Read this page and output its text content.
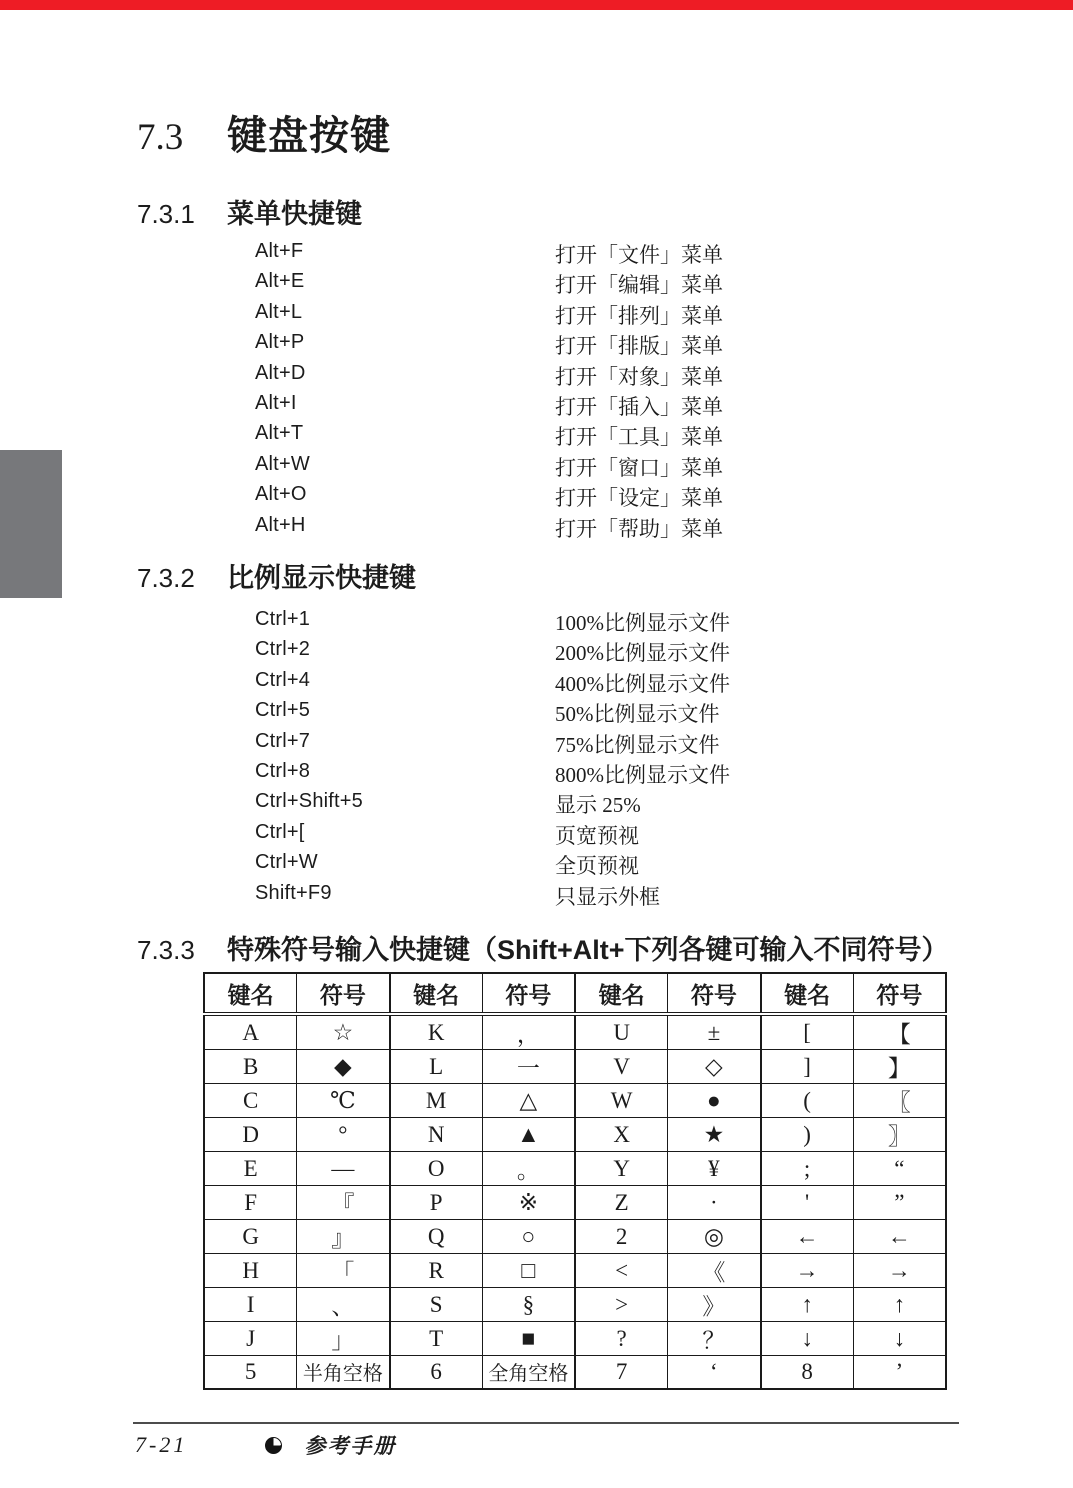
7.3	键盘按键
7.3.1	菜单快捷键
Alt+F	打开「文件」菜单
Alt+E	打开「编辑」菜单
Alt+L	打开「排列」菜单
Alt+P	打开「排版」菜单
Alt+D	打开「对象」菜单
Alt+I	打开「插入」菜单
Alt+T	打开「工具」菜单
Alt+W	打开「窗口」菜单
Alt+O	打开「设定」菜单
Alt+H	打开「帮助」菜单
7.3.2	比例显示快捷键
Ctrl+1	100%比例显示文件
Ctrl+2	200%比例显示文件
Ctrl+4	400%比例显示文件
Ctrl+5	50%比例显示文件
Ctrl+7	75%比例显示文件
Ctrl+8	800%比例显示文件
Ctrl+Shift+5	显示 25%
Ctrl+[	页宽预视
Ctrl+W	全页预视
Shift+F9	只显示外框
7.3.3	特殊符号输入快捷键（Shift+Alt+下列各键可输入不同符号）
键名	符号	键名	符号	键名	符号	键名	符号
A	☆	K	，	U	±	[	【
B	◆	L	一	V	◇	]	】
C	℃	M	△	W	●	(	〖
D	°	N	▲	X	★	)	〗
E	—	O	。	Y	¥	;	“
F	『	P	※	Z	·	'	”
G	』	Q	○	2	◎	←	←
H	「	R	□	<	《	→	→
I	、	S	§	>	》	↑	↑
J	」	T	■	?	？	↓	↓
5	半角空格	6	全角空格	7	‘	8	’
7-21	参考手册
